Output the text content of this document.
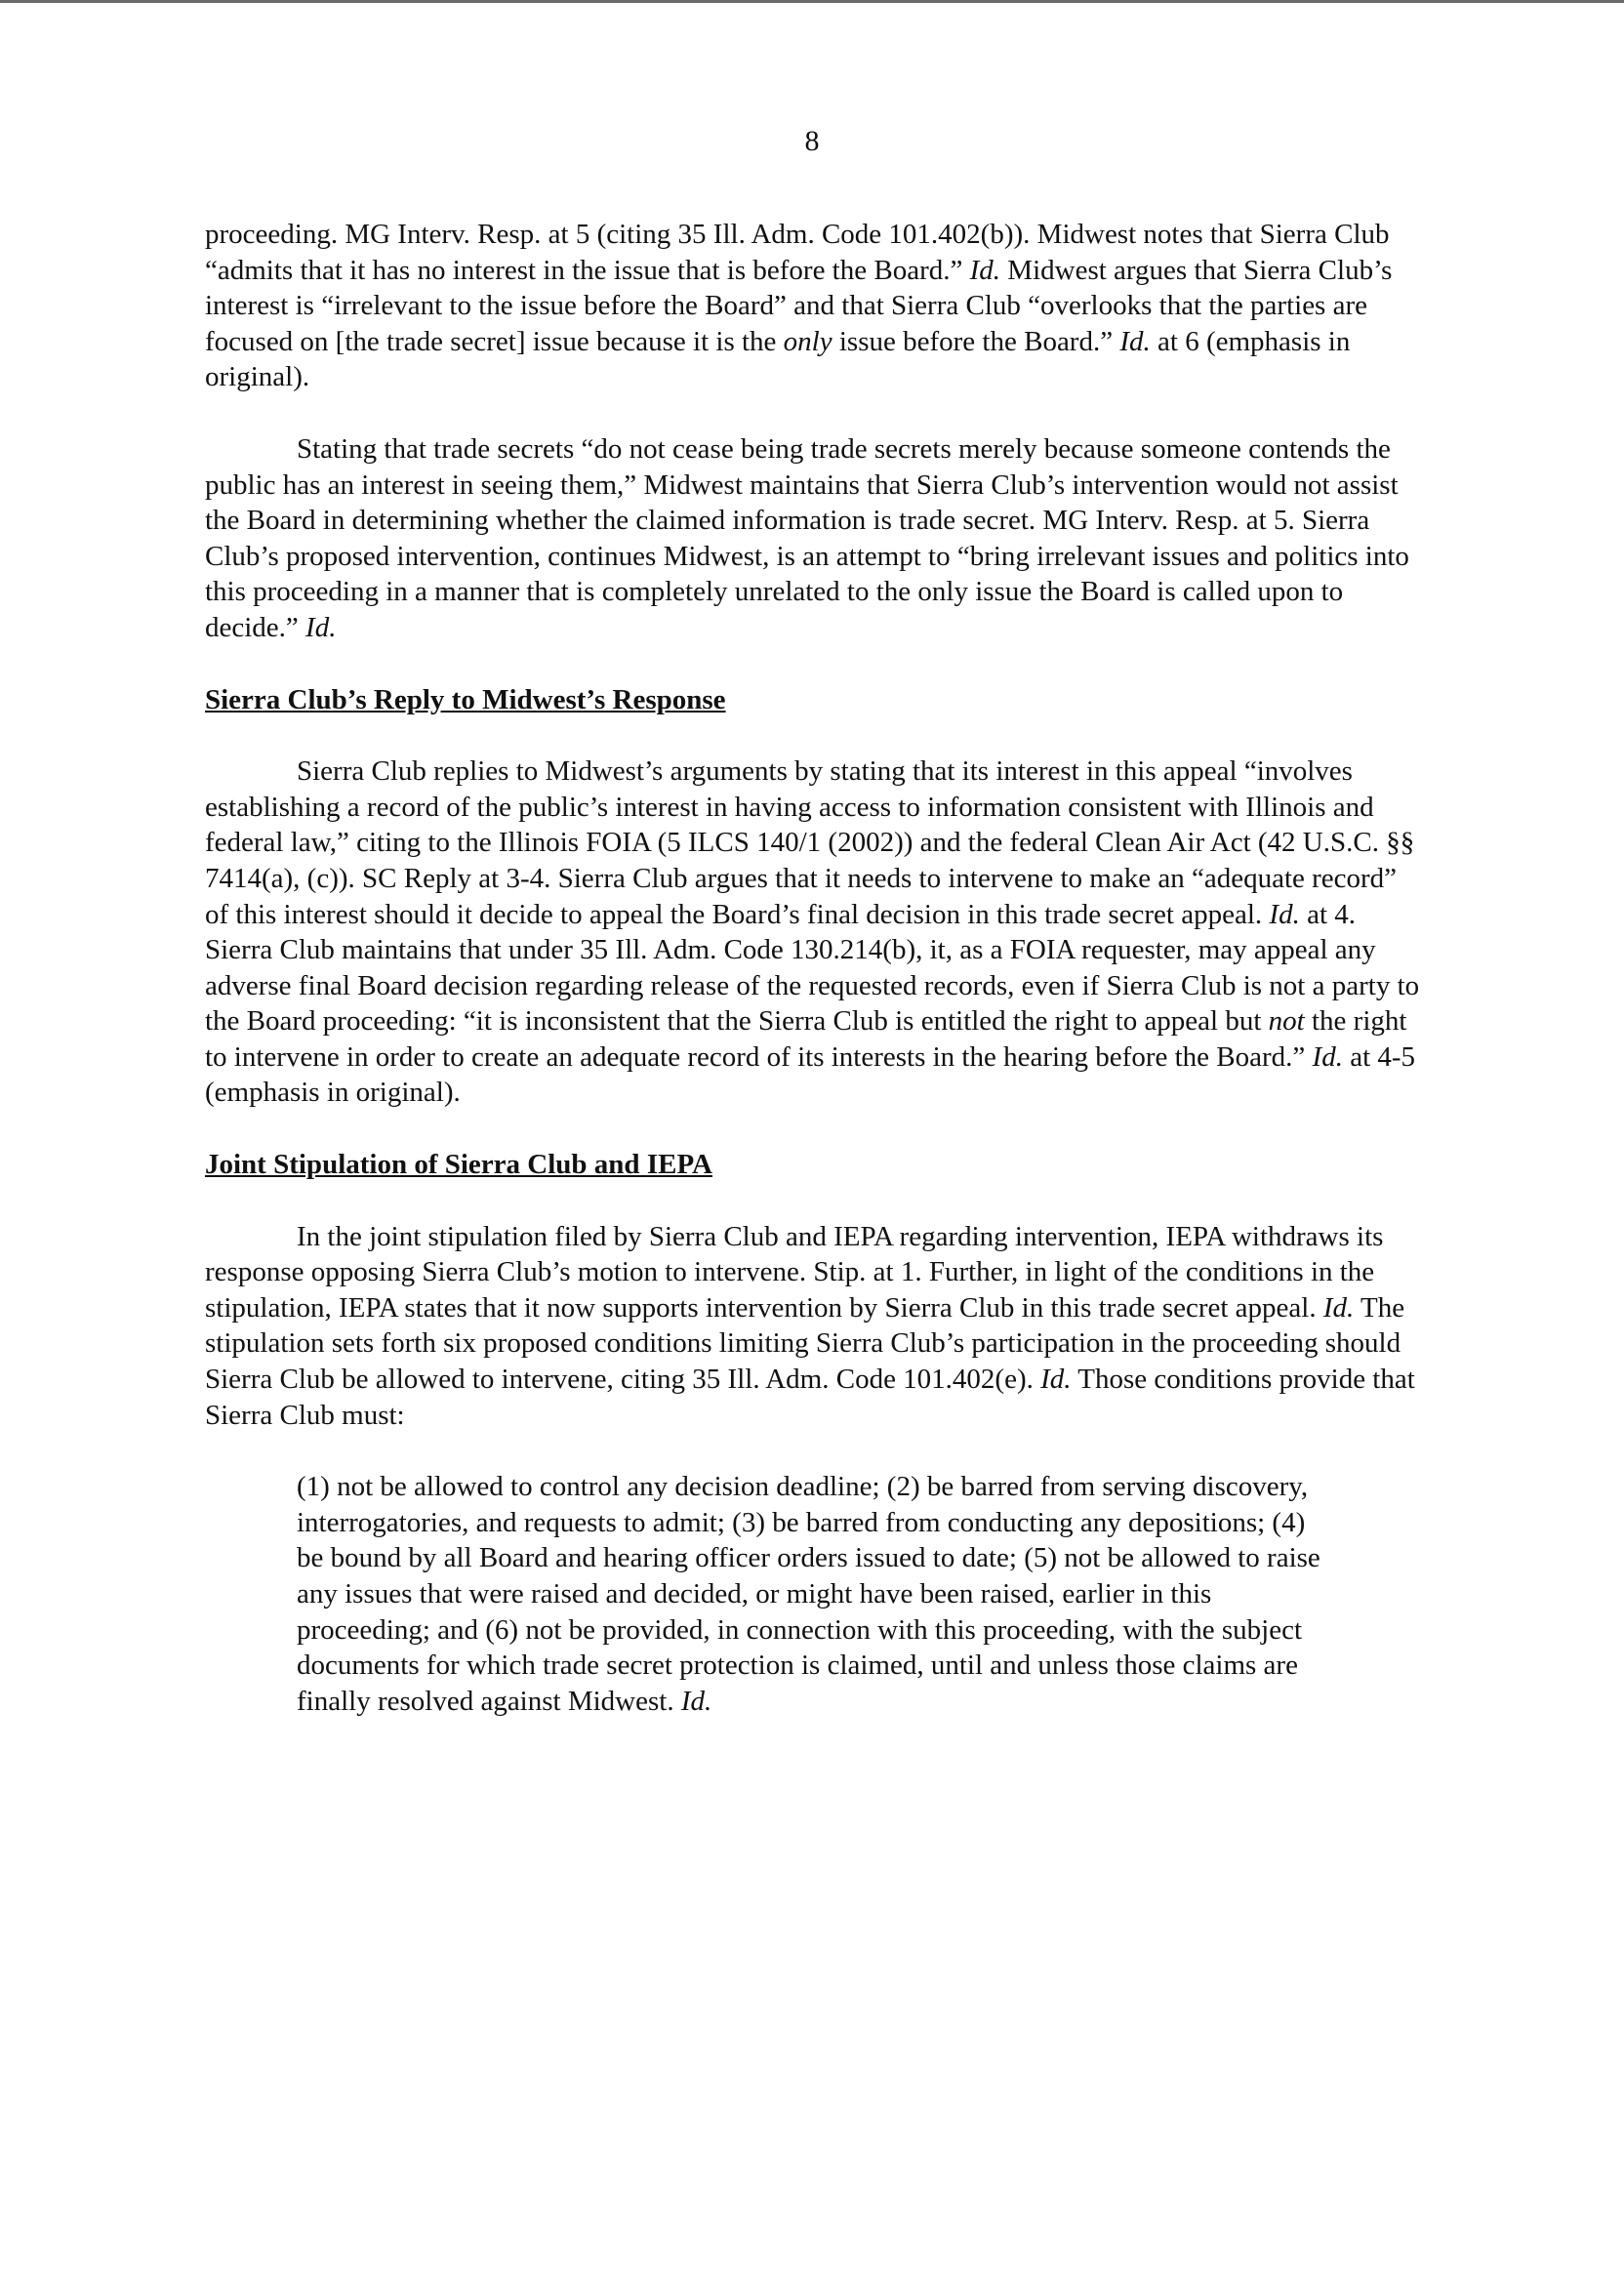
8

proceeding. MG Interv. Resp. at 5 (citing 35 Ill. Adm. Code 101.402(b)). Midwest notes that Sierra Club “admits that it has no interest in the issue that is before the Board.” Id. Midwest argues that Sierra Club’s interest is “irrelevant to the issue before the Board” and that Sierra Club “overlooks that the parties are focused on [the trade secret] issue because it is the only issue before the Board.” Id. at 6 (emphasis in original).

Stating that trade secrets “do not cease being trade secrets merely because someone contends the public has an interest in seeing them,” Midwest maintains that Sierra Club’s intervention would not assist the Board in determining whether the claimed information is trade secret. MG Interv. Resp. at 5. Sierra Club’s proposed intervention, continues Midwest, is an attempt to “bring irrelevant issues and politics into this proceeding in a manner that is completely unrelated to the only issue the Board is called upon to decide.” Id.

Sierra Club’s Reply to Midwest’s Response

Sierra Club replies to Midwest’s arguments by stating that its interest in this appeal “involves establishing a record of the public’s interest in having access to information consistent with Illinois and federal law,” citing to the Illinois FOIA (5 ILCS 140/1 (2002)) and the federal Clean Air Act (42 U.S.C. §§ 7414(a), (c)). SC Reply at 3-4. Sierra Club argues that it needs to intervene to make an “adequate record” of this interest should it decide to appeal the Board’s final decision in this trade secret appeal. Id. at 4. Sierra Club maintains that under 35 Ill. Adm. Code 130.214(b), it, as a FOIA requester, may appeal any adverse final Board decision regarding release of the requested records, even if Sierra Club is not a party to the Board proceeding: “it is inconsistent that the Sierra Club is entitled the right to appeal but not the right to intervene in order to create an adequate record of its interests in the hearing before the Board.” Id. at 4-5 (emphasis in original).

Joint Stipulation of Sierra Club and IEPA

In the joint stipulation filed by Sierra Club and IEPA regarding intervention, IEPA withdraws its response opposing Sierra Club’s motion to intervene. Stip. at 1. Further, in light of the conditions in the stipulation, IEPA states that it now supports intervention by Sierra Club in this trade secret appeal. Id. The stipulation sets forth six proposed conditions limiting Sierra Club’s participation in the proceeding should Sierra Club be allowed to intervene, citing 35 Ill. Adm. Code 101.402(e). Id. Those conditions provide that Sierra Club must:

(1) not be allowed to control any decision deadline; (2) be barred from serving discovery, interrogatories, and requests to admit; (3) be barred from conducting any depositions; (4) be bound by all Board and hearing officer orders issued to date; (5) not be allowed to raise any issues that were raised and decided, or might have been raised, earlier in this proceeding; and (6) not be provided, in connection with this proceeding, with the subject documents for which trade secret protection is claimed, until and unless those claims are finally resolved against Midwest. Id.
